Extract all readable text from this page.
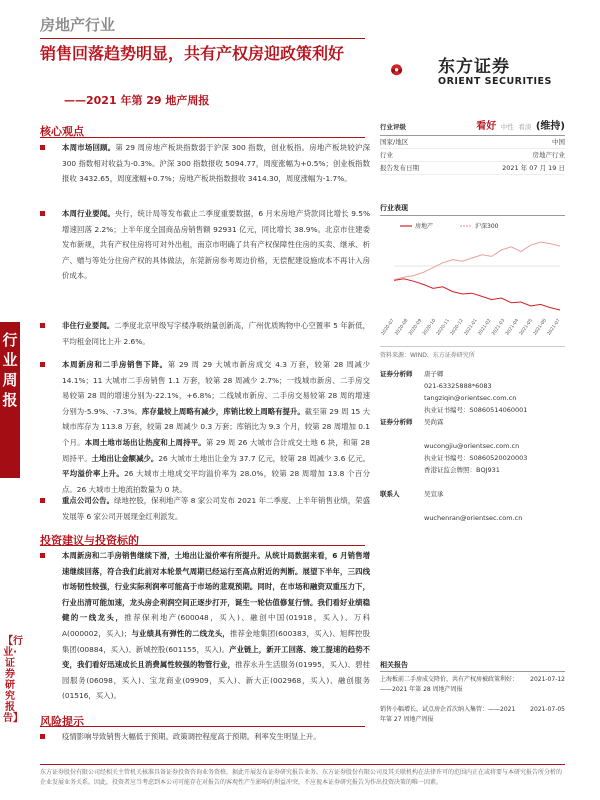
行业周报
【行业·证券研究报告】
房地产行业
销售回落趋势明显，共有产权房迎政策利好
——2021 年第 29 地产周报
东方证券
ORIENT SECURITIES
核心观点
本周市场回顾。第 29 周房地产板块指数弱于沪深 300 指数，创业板指。房地产板块较沪深 300 指数相对收益为-0.3%。沪深 300 指数报收 5094.77，周度涨幅为+0.5%；创业板指数报收 3432.65，周度涨幅+0.7%；房地产板块指数报收 3414.30，周度涨幅为-1.7%。
本周行业要闻。央行，统计局等发布截止二季度重要数据，6 月末房地产贷款同比增长 9.5% 增速回落 2.2%；上半年度全国商品房销售额 92931 亿元，同比增长 38.9%。北京市住建委发布新规，共有产权住房将可对外出租，南京市明确了共有产权保障性住房的买卖、继承、析产、赠与等处分住房产权的具体做法，东莞新房参考周边价格，无偿配建设施成本不再计入房价成本。
非住行业要闻。二季度北京甲级写字楼净吸纳量创新高，广州优质购物中心空置率 5 年新低，平均租金同比上升 2.6%。
本周新房和二手房销售下降。第 29 周 29 大城市新房成交 4.3 万套，较第 28 周减少 14.1%；11 大城市二手房销售 1.1 万套，较第 28 周减少 2.7%；一线城市新房、二手房交易较第 28 周的增速分别为-22.1%，+6.8%；二线城市新房、二手房交易较第 28 周的增速分别为-5.9%、-7.3%。库存量较上周略有减少，库销比较上周略有提升。截至第 29 周 15 大城市库存为 113.8 万套，较第 28 周减少 0.3 万套；库销比为 9.3 个月，较第 28 周增加 0.1 个月。本周土地市场出让热度和上周持平。第 29 周 26 大城市合计成交土地 6 块，和第 28 周持平。土地出让金额减少。26 大城市土地出让金为 37.7 亿元，较第 28 周减少 3.6 亿元。平均溢价率上升。26 大城市土地成交平均溢价率为 28.0%，较第 28 周增加 13.8 个百分点。26 大城市土地流拍数量为 0 块。
重点公司公告。绿地控股，保利地产等 8 家公司发布 2021 年二季度、上半年销售业绩，荣盛发展等 6 家公司开展现金红利派发。
投资建议与投资标的
本周新房和二手房销售继续下滑，土地出让溢价率有所提升。从统计局数据来看，6 月销售增速继续回落，符合我们此前对本轮景气周期已经运行至高点附近的判断。展望下半年，三四线市场韧性较强，行业实际利润率可能高于市场的悲观预期。同时，在市场和融资双重压力下，行业出清可能加速，龙头房企利润空间正逐步打开，诞生一轮估值修复行情。我们看好业绩稳健的一线龙头，推荐保利地产(600048，买入)、融创中国(01918，买入)、万科 A(000002，买入)；与业绩具有弹性的二线龙头，推荐金地集团(600383，买入)、旭辉控股集团(00884，买入)、新城控股(601155，买入)。产业链上，新开工回落、竣工提速的趋势不变，我们看好迅速成长且消费属性较强的物管行业，推荐永升生活服务(01995，买入)、碧桂园服务(06098，买入)、宝龙商业(09909，买入)、新大正(002968，买入)、融创服务(01516，买入)。
风险提示
疫情影响导致销售大幅低于预期。政策调控程度高于预期。利率发生明显上升。
行业评级	看好 中性 看淡 (维持)
国家/地区	中国
行业	房地产行业
报告发布日期	2021 年 07 月 19 日
行业表现
房地产	沪深300
2020-07
2020-08
2020-09
2020-10
2020-11
2020-12
2021-01
2021-02
2021-03
2021-04
2021-05
2021-06
2021-07
资料来源：WIND、东方证券研究所
证券分析师	唐子卿
021-63325888*6083
tangziqin@orientsec.com.cn
执业证书编号：S0860514060001
证券分析师	吴尚霖
wucongjiu@orientsec.com.cn
执业证书编号：S0860520020003
香港证监会牌照：BQJ931
联系人	吴宣承
wuchenran@orientsec.com.cn
相关报告
上海板前二手房成交降价，共有产权房被政策利好：——2021 年第 28 周地产周报
2021-07-12
销售小幅增长，试点房企首次纳入集管：——2021 年第 27 周地产周报
2021-07-05
东方证券股份有限公司经相关主管机关核准具备证券投资咨询业务资格，据此开展发布证券研究报告业务。东方证券股份有限公司及其关联机构在法律许可的范围内正在或将要与本研究报告所分析的企业发展业务关系。因此，投资者应当考虑到本公司可能存在对报告的客观性产生影响的利益冲突，不应视本证券研究报告为作出投资决策的唯一因素。
